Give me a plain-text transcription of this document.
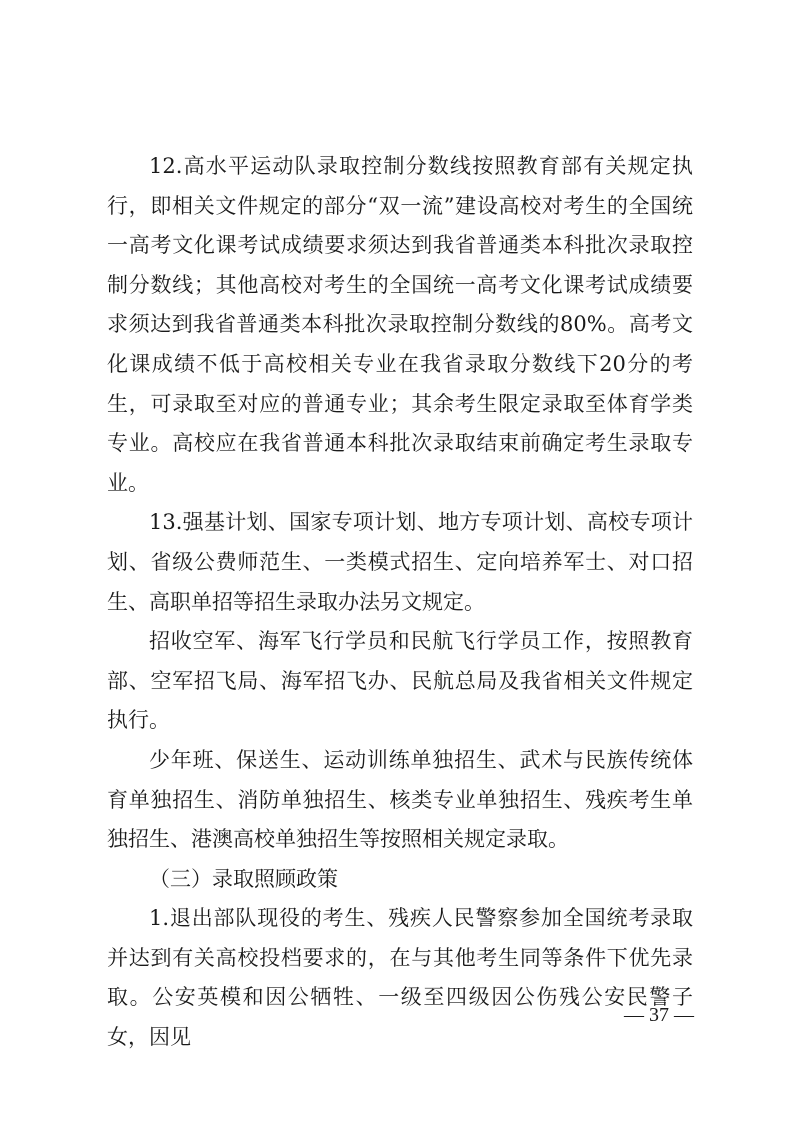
12.高水平运动队录取控制分数线按照教育部有关规定执行，即相关文件规定的部分“双一流”建设高校对考生的全国统一高考文化课考试成绩要求须达到我省普通类本科批次录取控制分数线；其他高校对考生的全国统一高考文化课考试成绩要求须达到我省普通类本科批次录取控制分数线的80%。高考文化课成绩不低于高校相关专业在我省录取分数线下20分的考生，可录取至对应的普通专业；其余考生限定录取至体育学类专业。高校应在我省普通本科批次录取结束前确定考生录取专业。

13.强基计划、国家专项计划、地方专项计划、高校专项计划、省级公费师范生、一类模式招生、定向培养军士、对口招生、高职单招等招生录取办法另文规定。

招收空军、海军飞行学员和民航飞行学员工作，按照教育部、空军招飞局、海军招飞办、民航总局及我省相关文件规定执行。

少年班、保送生、运动训练单独招生、武术与民族传统体育单独招生、消防单独招生、核类专业单独招生、残疾考生单独招生、港澳高校单独招生等按照相关规定录取。

（三）录取照顾政策

1.退出部队现役的考生、残疾人民警察参加全国统考录取并达到有关高校投档要求的，在与其他考生同等条件下优先录取。公安英模和因公牺牲、一级至四级因公伤残公安民警子女，因见

— 37 —
